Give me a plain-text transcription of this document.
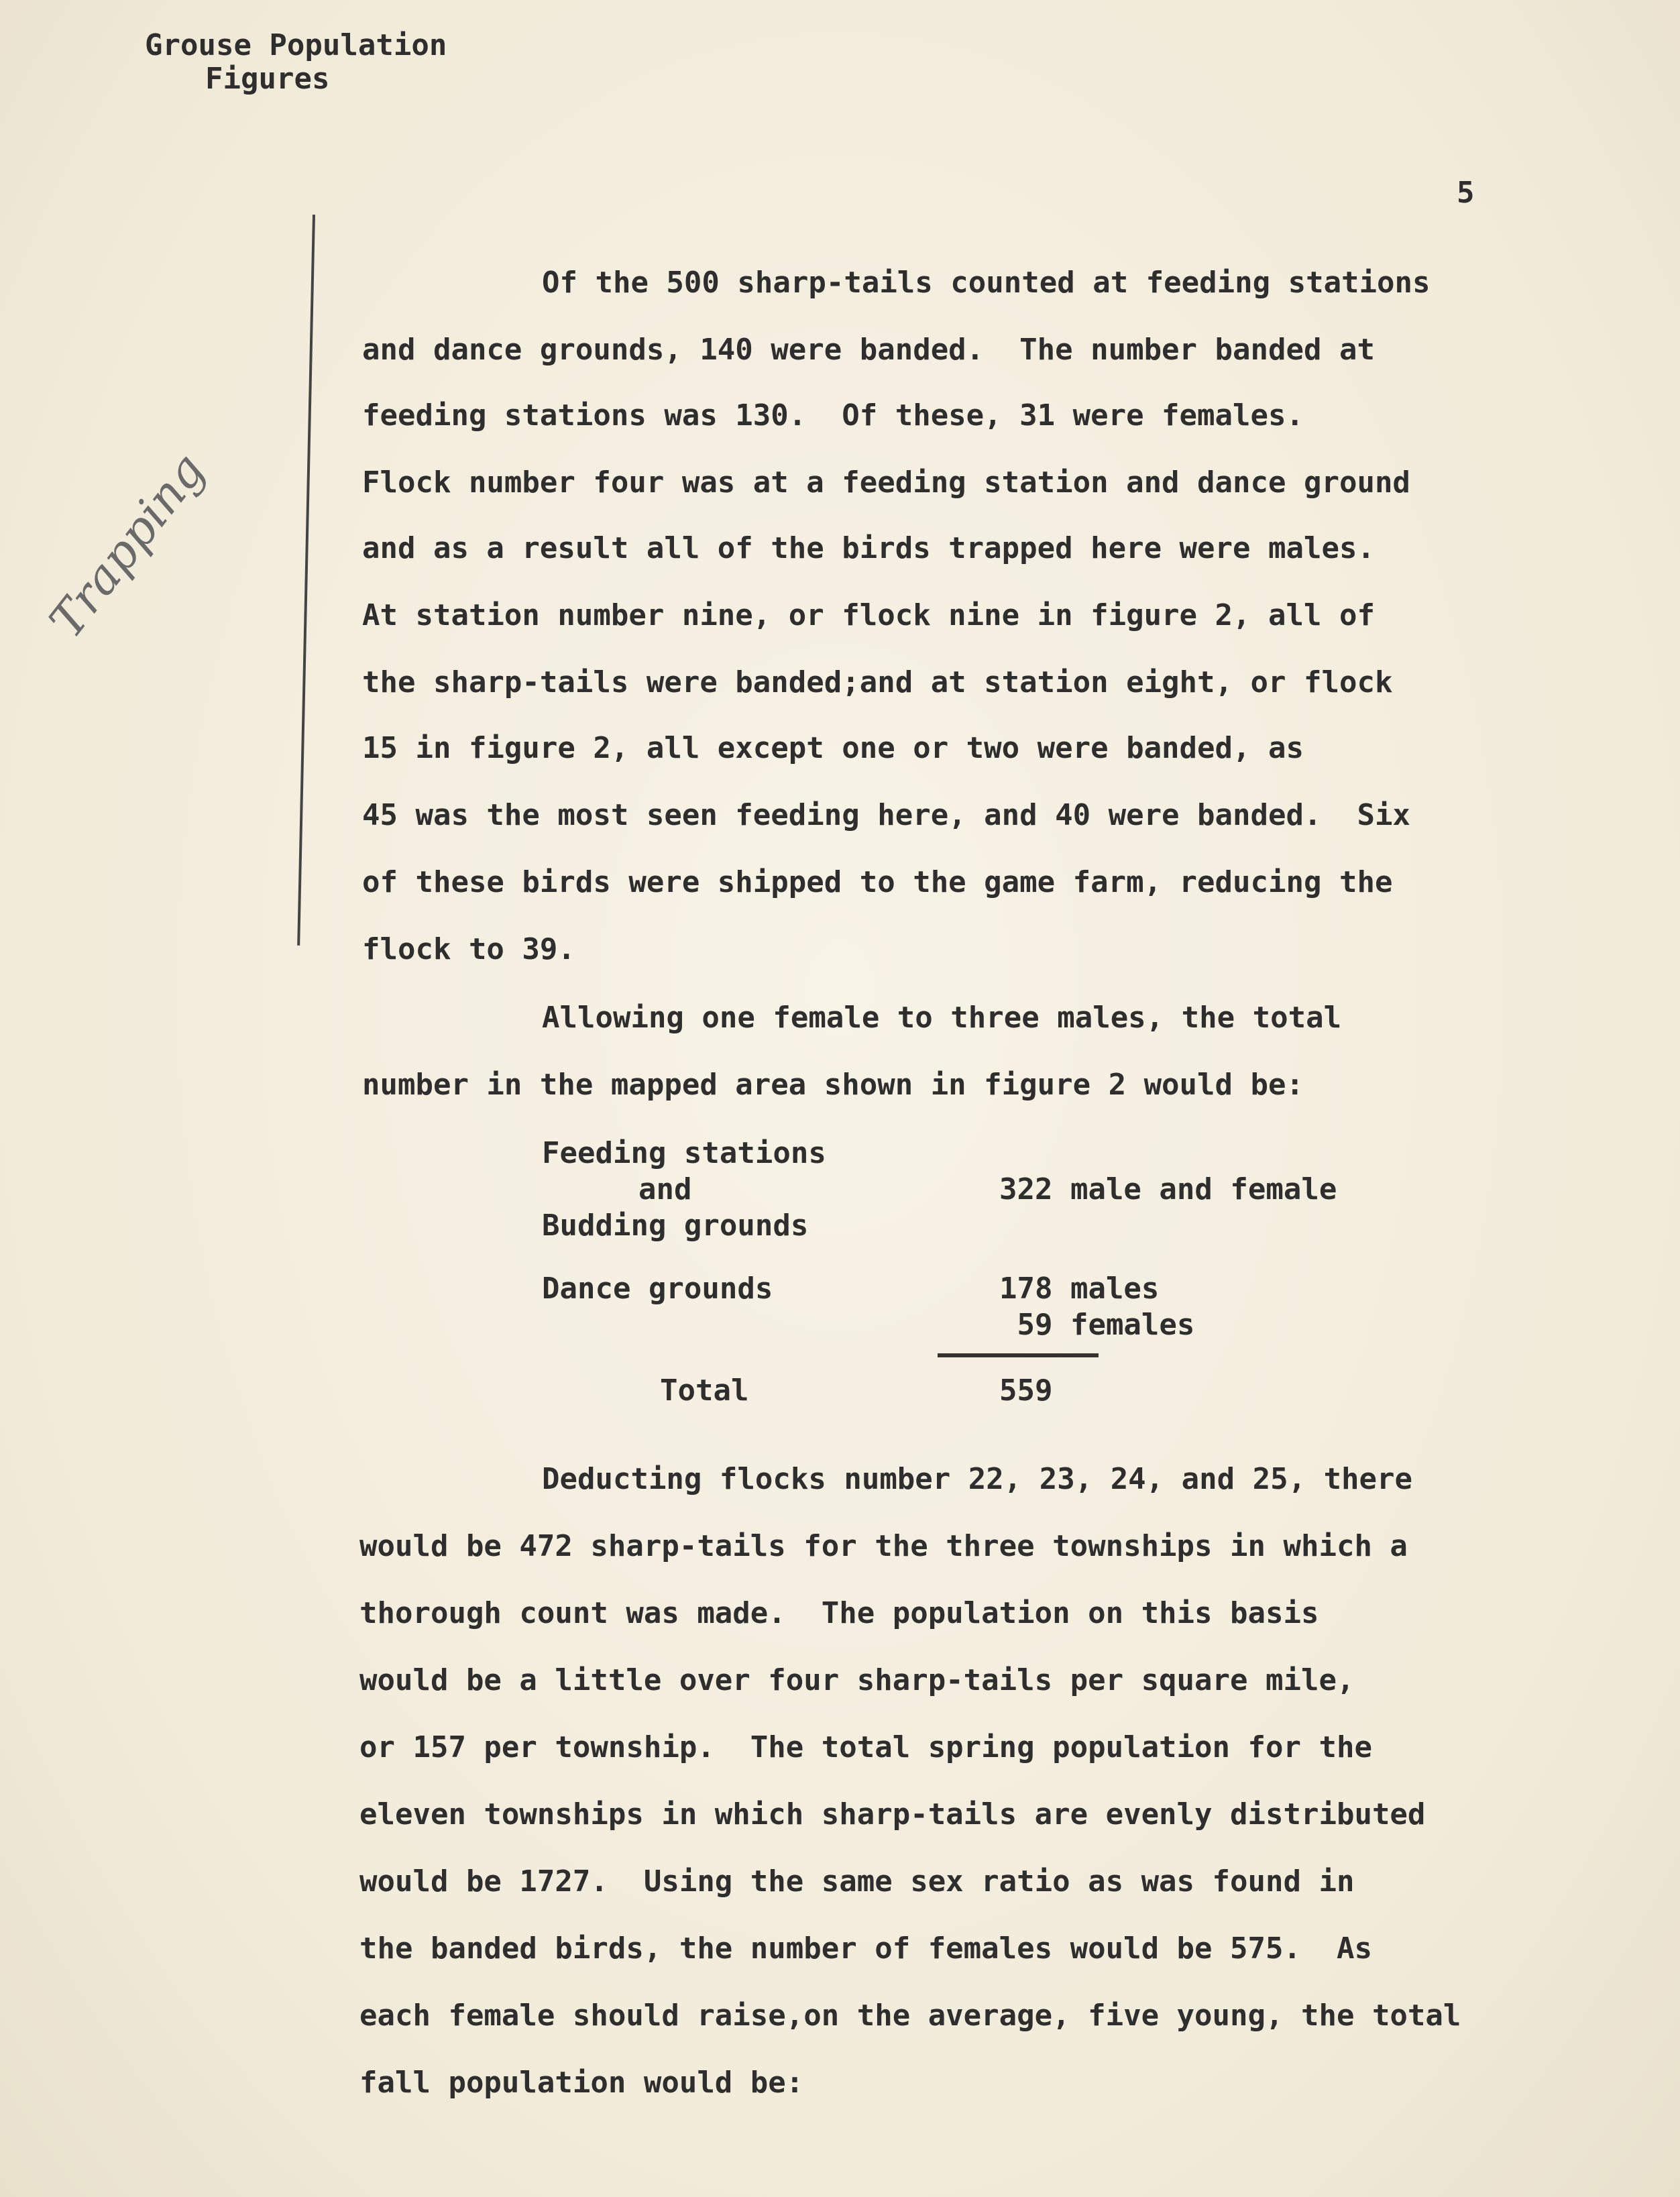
Grouse Population
Figures
5
Trapping
Of the 500 sharp-tails counted at feeding stations
and dance grounds, 140 were banded.  The number banded at
feeding stations was 130.  Of these, 31 were females.
Flock number four was at a feeding station and dance ground
and as a result all of the birds trapped here were males.
At station number nine, or flock nine in figure 2, all of
the sharp-tails were banded;and at station eight, or flock
15 in figure 2, all except one or two were banded, as
45 was the most seen feeding here, and 40 were banded.  Six
of these birds were shipped to the game farm, reducing the
flock to 39.
Allowing one female to three males, the total
number in the mapped area shown in figure 2 would be:
Feeding stations
and
Budding grounds
322 male and female
Dance grounds	178 males
59 females
Total	559
Deducting flocks number 22, 23, 24, and 25, there
would be 472 sharp-tails for the three townships in which a
thorough count was made.  The population on this basis
would be a little over four sharp-tails per square mile,
or 157 per township.  The total spring population for the
eleven townships in which sharp-tails are evenly distributed
would be 1727.  Using the same sex ratio as was found in
the banded birds, the number of females would be 575.  As
each female should raise,on the average, five young, the total
fall population would be:
